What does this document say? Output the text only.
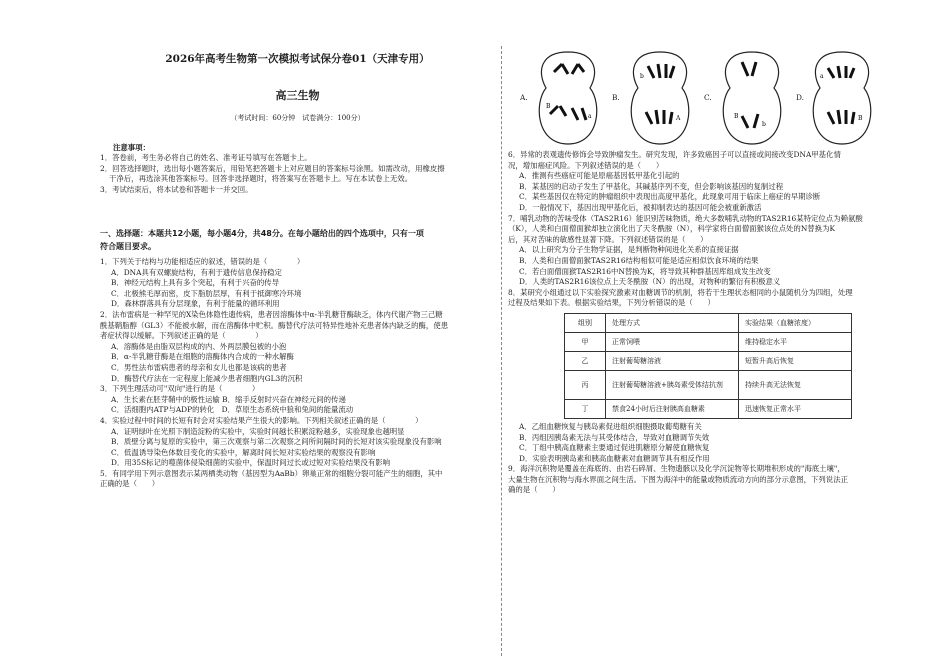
2026年高考生物第一次模拟考试保分卷01（天津专用）
高三生物
（考试时间：60分钟　试卷满分：100分）
注意事项：

1．答卷前，考生务必将自己的姓名、准考证号填写在答题卡上。

2．回答选择题时，选出每小题答案后，用铅笔把答题卡上对应题目的答案标号涂黑。如需改动，用橡皮擦

干净后，再选涂其他答案标号。回答非选择题时，将答案写在答题卡上。写在本试卷上无效。

3．考试结束后，将本试卷和答题卡一并交回。

一、选择题：本题共12小题，每小题4分，共48分。在每小题给出的四个选项中，只有一项
符合题目要求。

1．下列关于结构与功能相适应的叙述，错误的是（　　　　）

A．DNA具有双螺旋结构，有利于遗传信息保持稳定

B．神经元结构上具有多个突起，有利于兴奋的传导

C．北极熊毛厚而密，皮下脂肪层厚，有利于抵御寒冷环境

D．森林群落具有分层现象，有利于能量的循环利用

2．法布雷病是一种罕见的X染色体隐性遗传病，患者因溶酶体中α-半乳糖苷酶缺乏，体内代谢产物三己糖

酰基鞘脂醇（GL3）不能被水解，而在溶酶体中贮积。酶替代疗法可特异性地补充患者体内缺乏的酶，使患

者症状得以缓解。下列叙述正确的是（　　　　）

A．溶酶体是由脂双层构成的内、外两层膜包被的小泡

B．α-半乳糖苷酶是在细胞的溶酶体内合成的一种水解酶

C．男性法布雷病患者的母亲和女儿也都是该病的患者

D．酶替代疗法在一定程度上能减少患者细胞内GL3的沉积

3．下列生理活动可"双向"进行的是（　　　　）

A．生长素在胚芽鞘中的极性运输 B．缩手反射时兴奋在神经元间的传递

C．活细胞内ATP与ADP的转化　D．草原生态系统中狼和兔间的能量流动

4．实验过程中时间的长短有时会对实验结果产生很大的影响。下列相关叙述正确的是（　　　　）

A．证明绿叶在光照下制造淀粉的实验中，实验时间越长积累淀粉越多，实验现象也越明显

B．质壁分离与复原的实验中，第三次观察与第二次观察之间所间隔时间的长短对该实验现象没有影响

C．低温诱导染色体数目变化的实验中，解离时间长短对实验结果的观察没有影响

D．用35S标记的噬菌体侵染细菌的实验中，保温时间过长或过短对实验结果没有影响

5．有同学用下列示意图表示某两栖类动物（基因型为AaBb）卵巢正常的细胞分裂可能产生的细胞，其中

正确的是（　　）

A.
B
a
B.
b
A
C.
B
b
D.
a
B

6．异常的表观遗传修饰会导致肿瘤发生。研究发现，许多致癌因子可以直接或间接改变DNA甲基化情

况，增加癌症风险。下列叙述错误的是（　　）

A．推测有些癌症可能是原癌基因低甲基化引起的

B．某基因的启动子发生了甲基化，其碱基序列不变，但会影响该基因的复制过程

C．某些基因仅在特定的肿瘤组织中表现出高度甲基化，此现象可用于临床上癌症的早期诊断

D．一般情况下，基因出现甲基化后，被抑制表达的基因可能会被重新激活

7．哺乳动物的苦味受体（TAS2R16）能识别苦味物质，绝大多数哺乳动物的TAS2R16某特定位点为赖氨酸

（K），人类和白面僧面猴却独立演化出了天冬酰胺（N），科学家将白面僧面猴该位点处的N替换为K

后，其对苦味的敏感性显著下降。下列叙述错误的是（　　）

A．以上研究为分子生物学证据，是判断物种间进化关系的直接证据

B．人类和白面僧面猴TAS2R16结构相似可能是适应相似饮食环境的结果

C．若白面僧面猴TAS2R16中N替换为K，将导致其种群基因库组成发生改变

D．人类的TAS2R16该位点上天冬酰胺（N）的出现，对物种的繁衍有积极意义

8．某研究小组通过以下实验探究激素对血糖调节的机制，将若干生理状态相同的小鼠随机分为四组，处理

过程及结果如下表。根据实验结果，下列分析错误的是（　　）

组别	处理方式	实验结果（血糖浓度）
甲	正常饲喂	维持稳定水平
乙	注射葡萄糖溶液	短暂升高后恢复
丙	注射葡萄糖溶液+胰岛素受体结抗剂	持续升高无法恢复
丁	禁食24小时后注射胰高血糖素	迅速恢复正常水平

A．乙组血糖恢复与胰岛素促进组织细胞摄取葡萄糖有关

B．丙组因胰岛素无法与其受体结合，导致对血糖调节失效

C．丁组中胰高血糖素主要通过促进肌糖原分解使血糖恢复

D．实验表明胰岛素和胰高血糖素对血糖调节具有相反作用

9．海洋沉积物是覆盖在海底的、由岩石碎屑、生物遗骸以及化学沉淀物等长期堆积形成的"海底土壤"，

大量生物在沉积物与海水界面之间生活。下图为海洋中的能量或物质流动方向的部分示意图，下列说法正

确的是（　　）
